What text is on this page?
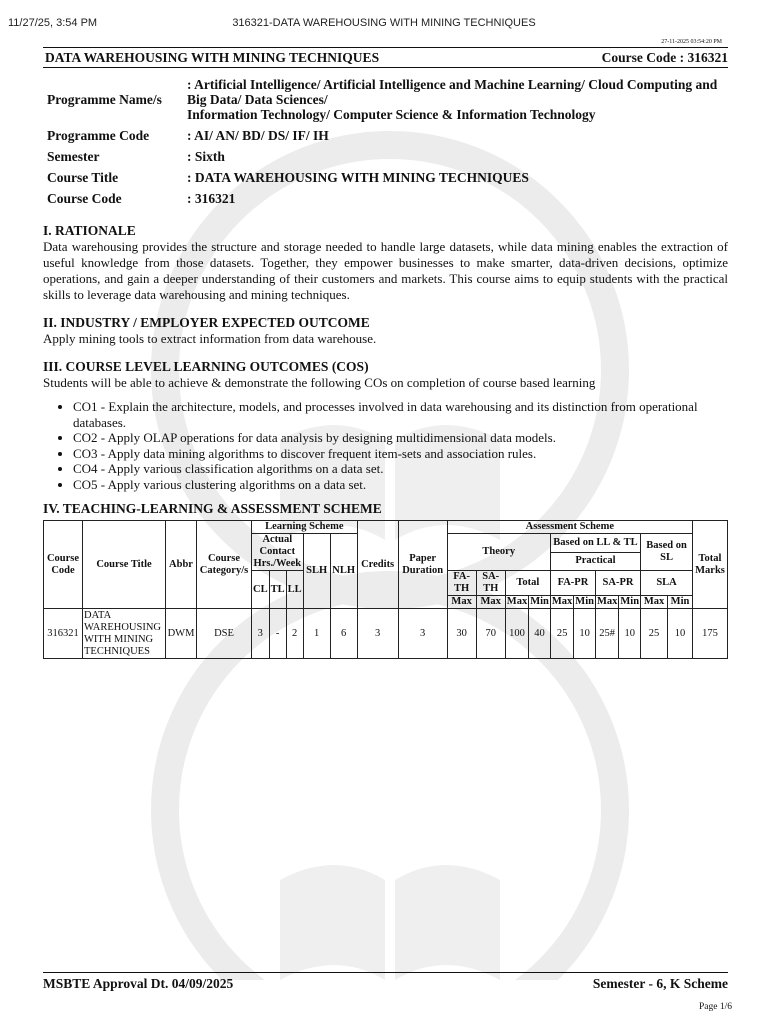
11/27/25, 3:54 PM	316321-DATA WAREHOUSING WITH MINING TECHNIQUES
27-11-2025 03:54:20 PM
DATA WAREHOUSING WITH MINING TECHNIQUES	Course Code : 316321
Programme Name/s	: Artificial Intelligence/ Artificial Intelligence and Machine Learning/ Cloud Computing and Big Data/ Data Sciences/
Information Technology/ Computer Science & Information Technology

Programme Code	: AI/ AN/ BD/ DS/ IF/ IH
Semester	: Sixth
Course Title	: DATA WAREHOUSING WITH MINING TECHNIQUES
Course Code	: 316321
I. RATIONALE
Data warehousing provides the structure and storage needed to handle large datasets, while data mining enables the extraction of useful knowledge from those datasets. Together, they empower businesses to make smarter, data-driven decisions, optimize operations, and gain a deeper understanding of their customers and markets. This course aims to equip students with the practical skills to leverage data warehousing and mining techniques.
II. INDUSTRY / EMPLOYER EXPECTED OUTCOME
Apply mining tools to extract information from data warehouse.
III. COURSE LEVEL LEARNING OUTCOMES (COS)
Students will be able to achieve & demonstrate the following COs on completion of course based learning
• CO1 - Explain the architecture, models, and processes involved in data warehousing and its distinction from operational databases.
• CO2 - Apply OLAP operations for data analysis by designing multidimensional data models.
• CO3 - Apply data mining algorithms to discover frequent item-sets and association rules.
• CO4 - Apply various classification algorithms on a data set.
• CO5 - Apply various clustering algorithms on a data set.
IV. TEACHING-LEARNING & ASSESSMENT SCHEME
Course Code	Course Title	Abbr	Course Category/s	Learning Scheme					Credits	Paper Duration	Assessment Scheme										Total Marks
				Actual Contact Hrs./Week			SLH	NLH			Theory				Based on LL & TL				Based on SL		
															Practical						
				CL	TL	LL					FA-TH	SA-TH	Total		FA-PR		SA-PR		SLA		
											Max	Max	Max	Min	Max	Min	Max	Min	Max	Min	
316321	DATA WAREHOUSING WITH MINING TECHNIQUES	DWM	DSE	3	-	2	1	6	3	3	30	70	100	40	25	10	25#	10	25	10	175
MSBTE Approval Dt. 04/09/2025	Semester - 6, K Scheme
Page 1/6
